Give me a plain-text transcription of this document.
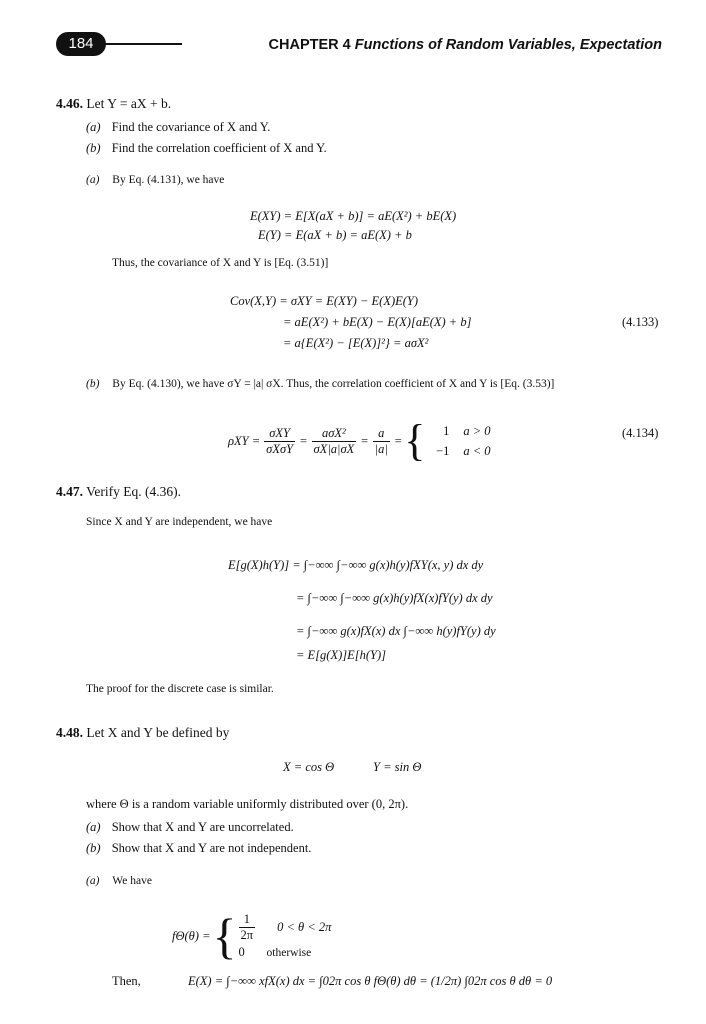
184	CHAPTER 4 Functions of Random Variables, Expectation
4.46. Let Y = aX + b.
(a) Find the covariance of X and Y.
(b) Find the correlation coefficient of X and Y.
(a) By Eq. (4.131), we have
E(XY) = E[X(aX + b)] = aE(X²) + bE(X)
E(Y) = E(aX + b) = aE(X) + b
Thus, the covariance of X and Y is [Eq. (3.51)]
Cov(X,Y) = σXY = E(XY) − E(X)E(Y)
= aE(X²) + bE(X) − E(X)[aE(X) + b]
= a{E(X²) − [E(X)]²} = aσX²
(4.133)
(b) By Eq. (4.130), we have σY = |a| σX. Thus, the correlation coefficient of X and Y is [Eq. (3.53)]
$\rho XY = \frac{\text{σXY}}{\text{σXσY}} = \frac{\text{aσX²}}{\sigma X|a|\sigma X} = \frac{a}{|a|}$ = {	1 a > 0
−1 a < 0
(4.134)
4.47. Verify Eq. (4.36).
Since X and Y are independent, we have
E[g(X)h(Y)] = ∫−∞∞ ∫−∞∞ g(x)h(y)fXY(x, y) dx dy
= ∫−∞∞ ∫−∞∞ g(x)h(y)fX(x)fY(y) dx dy
= ∫−∞∞ g(x)fX(x) dx ∫−∞∞ h(y)fY(y) dy
= E[g(X)]E[h(Y)]
The proof for the discrete case is similar.
4.48. Let X and Y be defined by
X = cos Θ	Y = sin Θ
where Θ is a random variable uniformly distributed over (0, 2π).
(a) Show that X and Y are uncorrelated.
(b) Show that X and Y are not independent.
(a) We have
fΘ(θ) = { $\frac{1}{2\pi} 0 < \theta < 2\pi$
0	otherwise
Then,	E(X) = ∫−∞∞ xfX(x) dx = ∫02π cos θ fΘ(θ) dθ = (1/2π) ∫02π cos θ dθ = 0
